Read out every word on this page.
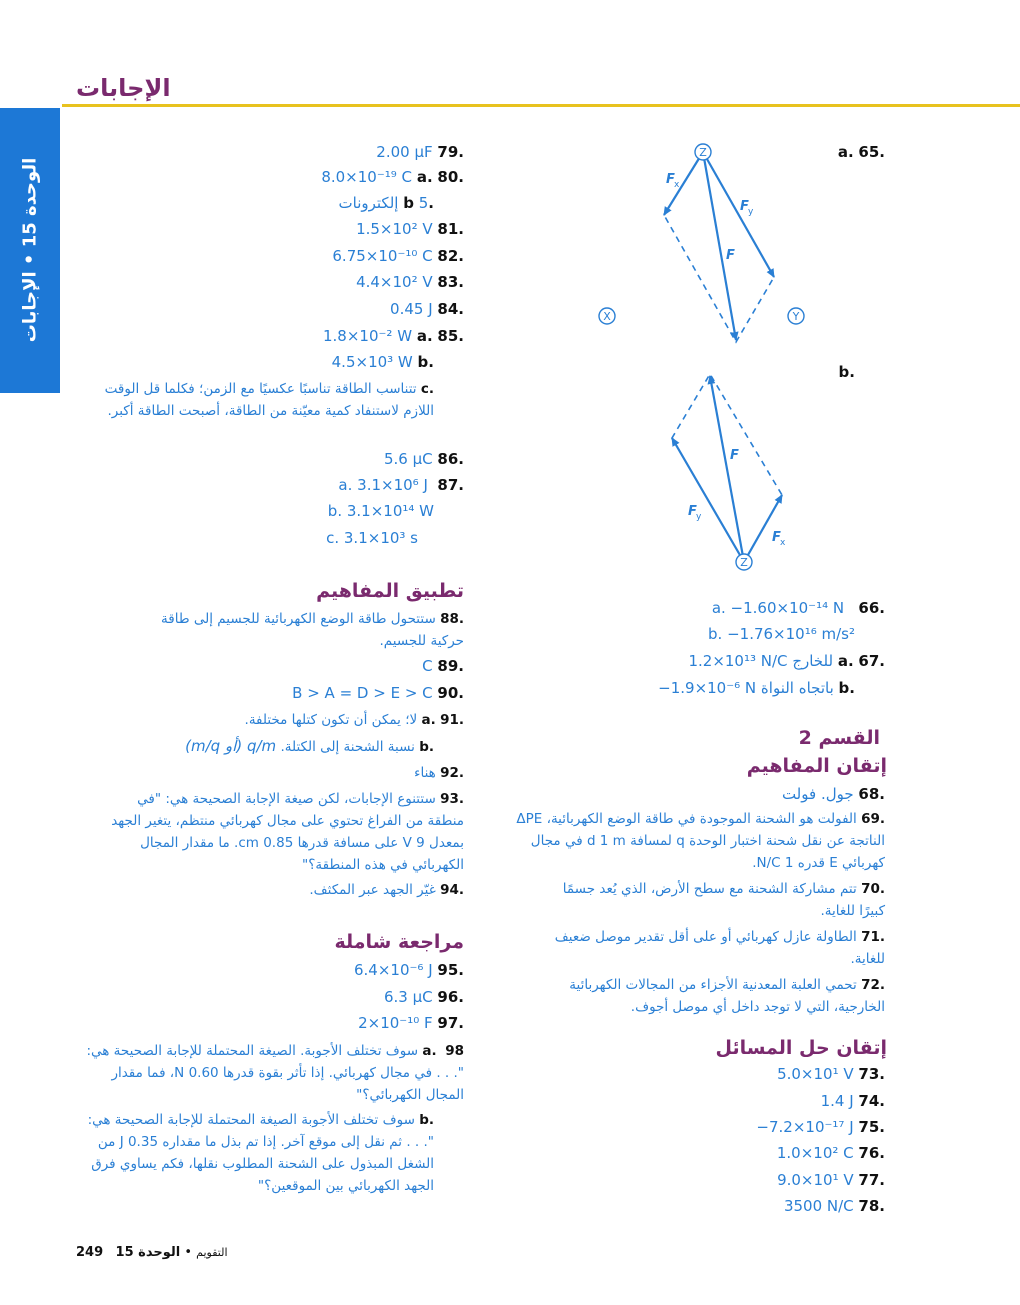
الإجابات
الوحدة 15 • الإجابات
Z
X	Y
F x
F y
F
Z
F
F y
F x
.65 .a
.b
.66   a. −1.60×10⁻¹⁴ N
b. −1.76×10¹⁶ m/s²
.67 .a للخارج 1.2×10¹³ N/C
.b باتجاه النواة −1.9×10⁻⁶ N
القسم 2
إتقان المفاهيم
.68 جول. فولت
.69 الفولت هو الشحنة الموجودة في طاقة الوضع الكهربائية، ΔPE الناتجة عن نقل شحنة اختبار الوحدة q لمسافة d 1 m في مجال كهربائي E قدره 1 N/C.
.70 تتم مشاركة الشحنة مع سطح الأرض، الذي يُعد جسمًا كبيرًا للغاية.
.71 الطاولة عازل كهربائي أو على أقل تقدير موصل ضعيف للغاية.
.72 تحمي العلبة المعدنية الأجزاء من المجالات الكهربائية الخارجية، التي لا توجد داخل أي موصل أجوف.
إتقان حل المسائل
.73 5.0×10¹ V
.74 1.4 J
.75 −7.2×10⁻¹⁷ J
.76 1.0×10² C
.77 9.0×10¹ V
.78 3500 N/C
.79 2.00 μF
.80 .a 8.0×10⁻¹⁹ C
.b 5 إلكترونات
.81 1.5×10² V
.82 6.75×10⁻¹⁰ C
.83 4.4×10² V
.84 0.45 J
.85 .a 1.8×10⁻² W
.b 4.5×10³ W
.c تتناسب الطاقة تناسبًا عكسيًا مع الزمن؛ فكلما قل الوقت اللازم لاستنفاد كمية معيّنة من الطاقة، أصبحت الطاقة أكبر.
.86 5.6 μC
.87  a. 3.1×10⁶ J
b. 3.1×10¹⁴ W
c. 3.1×10³ s
تطبيق المفاهيم
.88 ستتحول طاقة الوضع الكهربائية للجسيم إلى طاقة حركية للجسيم.
.89 C
.90 B > A = D > E > C
.91 .a لا؛ يمكن أن تكون كتلها مختلفة.
.b نسبة الشحنة إلى الكتلة. q/m (أو m/q)
.92 هناء
.93 ستتنوع الإجابات، لكن صيغة الإجابة الصحيحة هي: "في منطقة من الفراغ تحتوي على مجال كهربائي منتظم، يتغير الجهد بمعدل 9 V على مسافة قدرها 0.85 cm. ما مقدار المجال الكهربائي في هذه المنطقة؟"
.94 غيّر الجهد عبر المكثف.
مراجعة شاملة
.95 6.4×10⁻⁶ J
.96 6.3 μC
.97 2×10⁻¹⁰ F
98  .a سوف تختلف الأجوبة. الصيغة المحتملة للإجابة الصحيحة هي: ". . . في مجال كهربائي. إذا تأثر بقوة قدرها 0.60 N، فما مقدار المجال الكهربائي؟"
.b سوف تختلف الأجوبة الصيغة المحتملة للإجابة الصحيحة هي: ". . . ثم نقل إلى موقع آخر. إذا تم بذل ما مقداره 0.35 J من الشغل المبذول على الشحنة المطلوب نقلها، فكم يساوي فرق الجهد الكهربائي بين الموقعين؟"
249	التقويم • الوحدة 15
